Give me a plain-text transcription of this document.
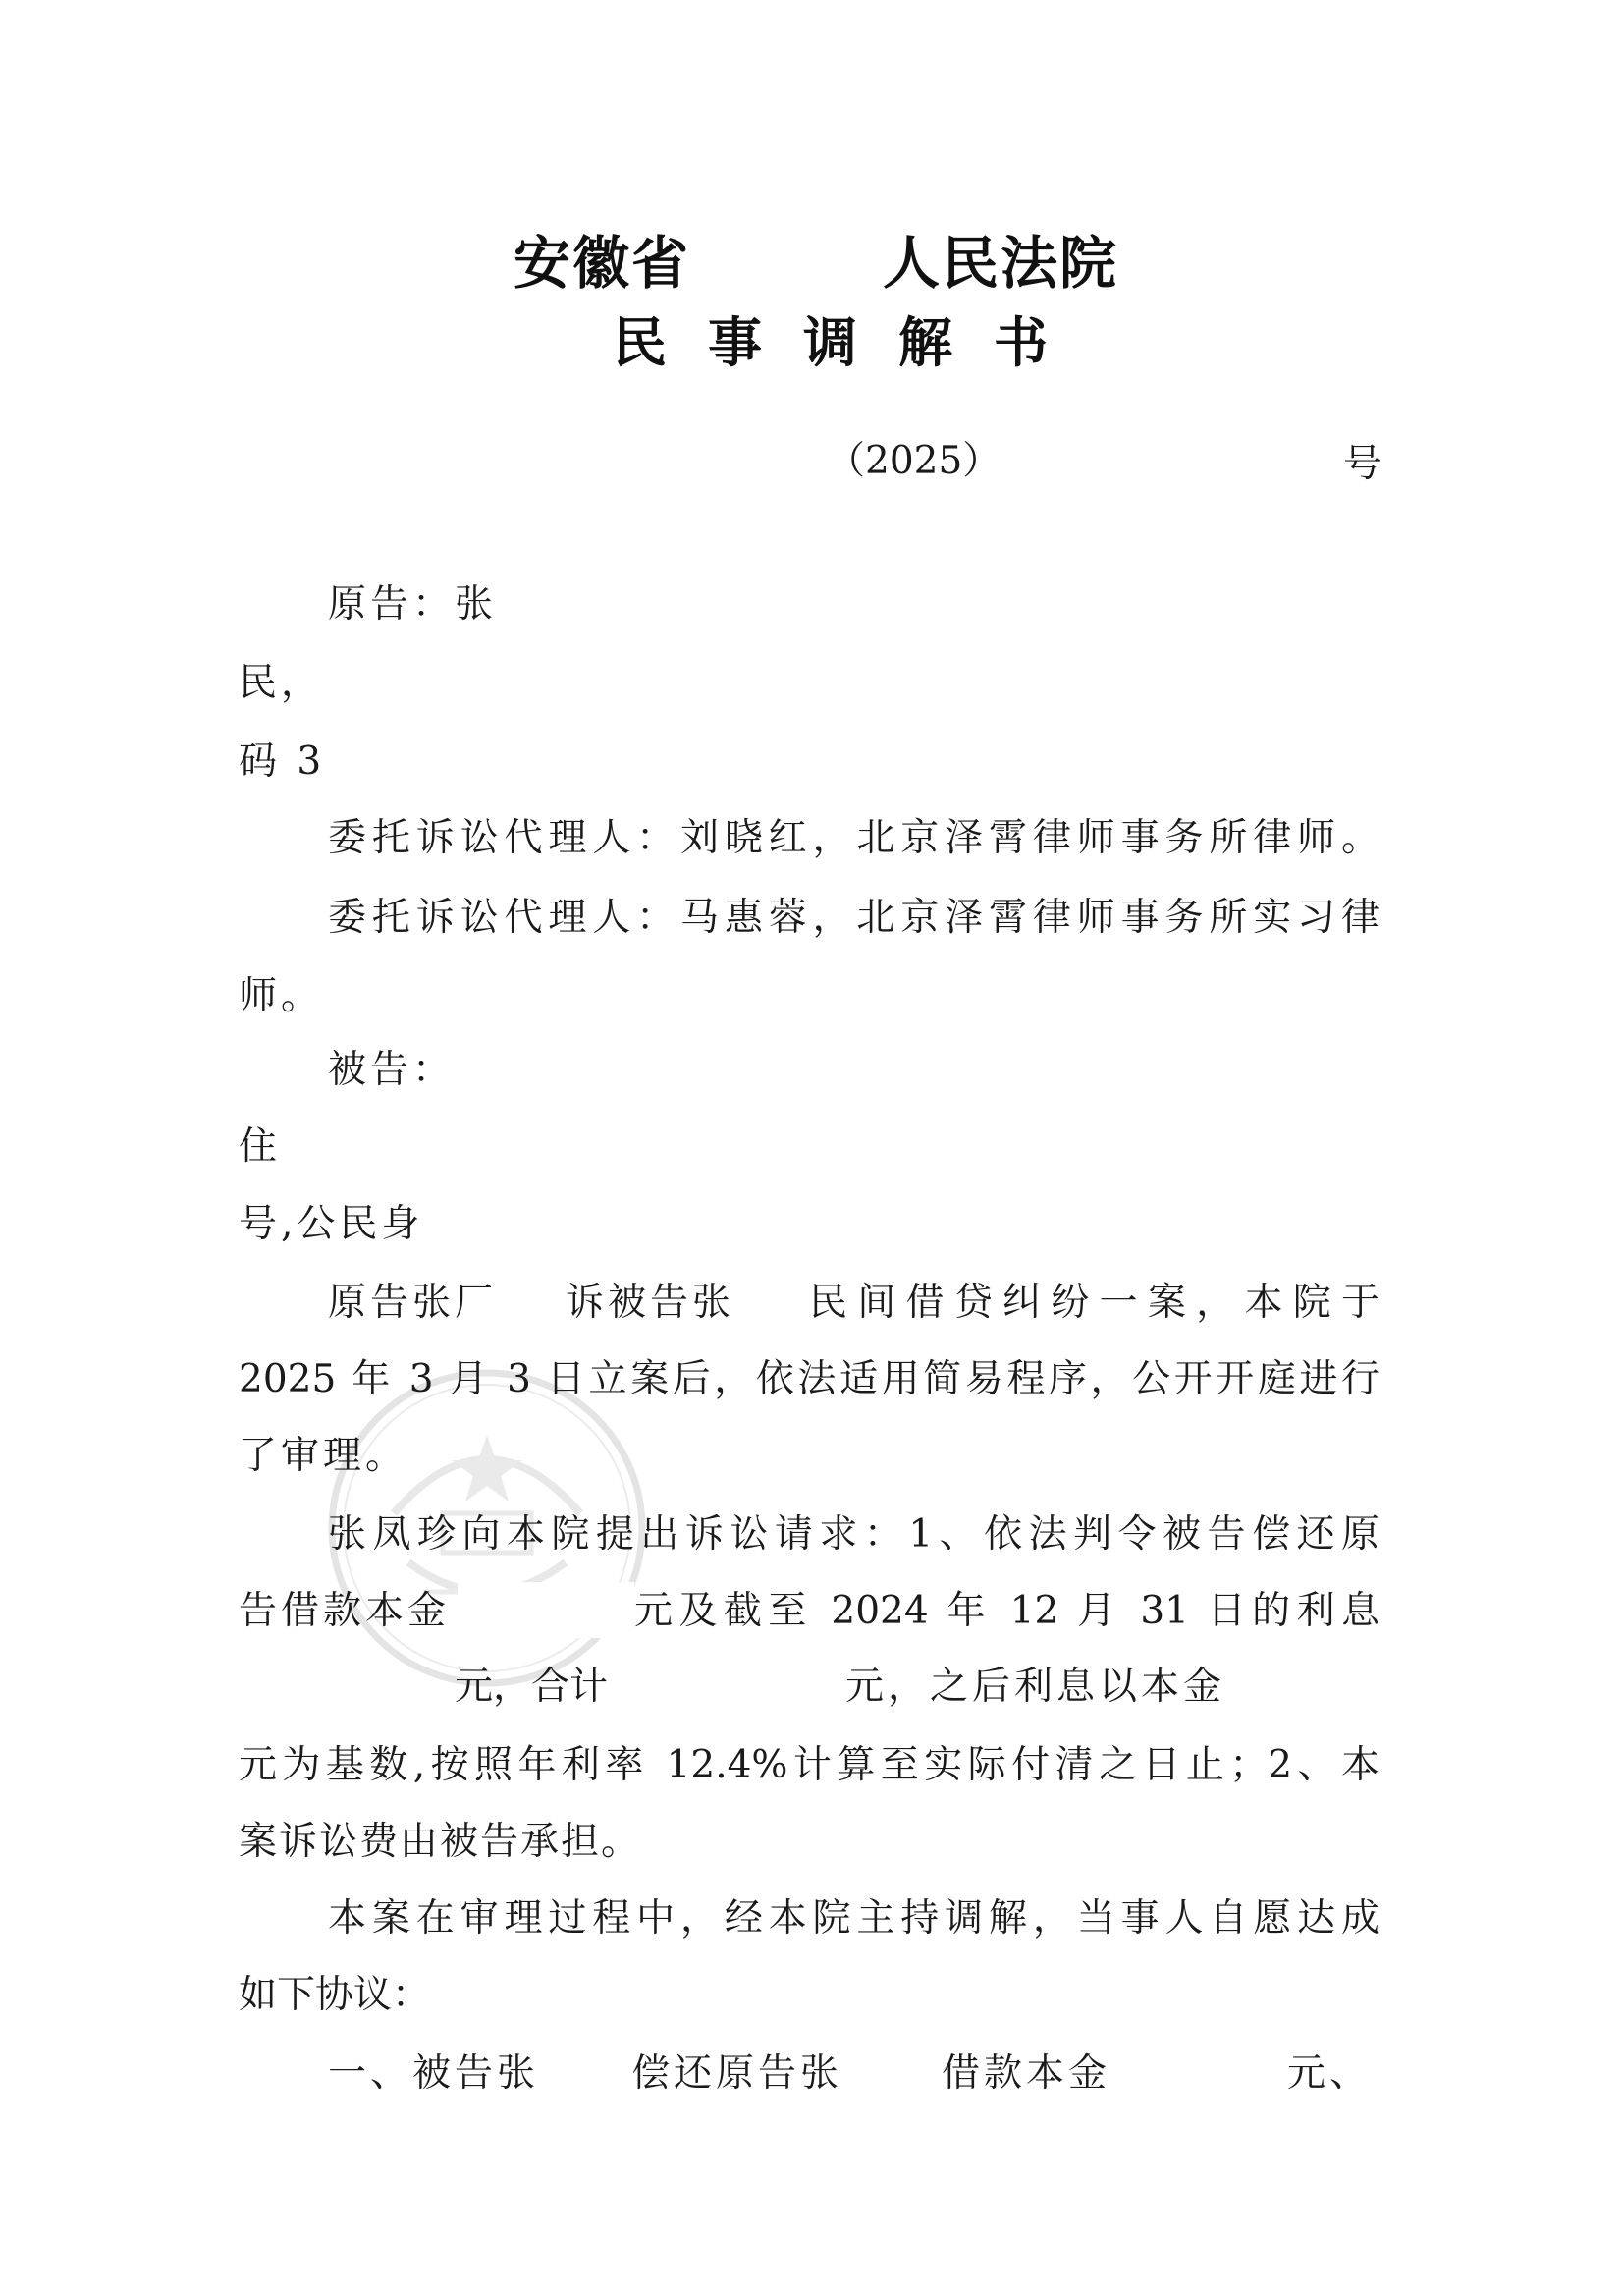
安徽省	人民法院
民 事 调 解 书
（2025）	号
原告：张
民，
码 3
委托诉讼代理人：刘晓红，北京泽霄律师事务所律师。
委托诉讼代理人：马惠蓉，北京泽霄律师事务所实习律
师。
被告：
住
号,公民身
原告张厂 诉被告张 民间借贷纠纷一案，本院于
2025 年 3 月 3 日立案后，依法适用简易程序，公开开庭进行
了审理。
张凤珍向本院提出诉讼请求：1、依法判令被告偿还原
告借款本金	元及截至 2024 年 12 月 31 日的利息
元，合计	元，之后利息以本金
元为基数,按照年利率 12.4%计算至实际付清之日止；2、本
案诉讼费由被告承担。
本案在审理过程中，经本院主持调解，当事人自愿达成
如下协议：
一、被告张 偿还原告张	借款本金	元、
